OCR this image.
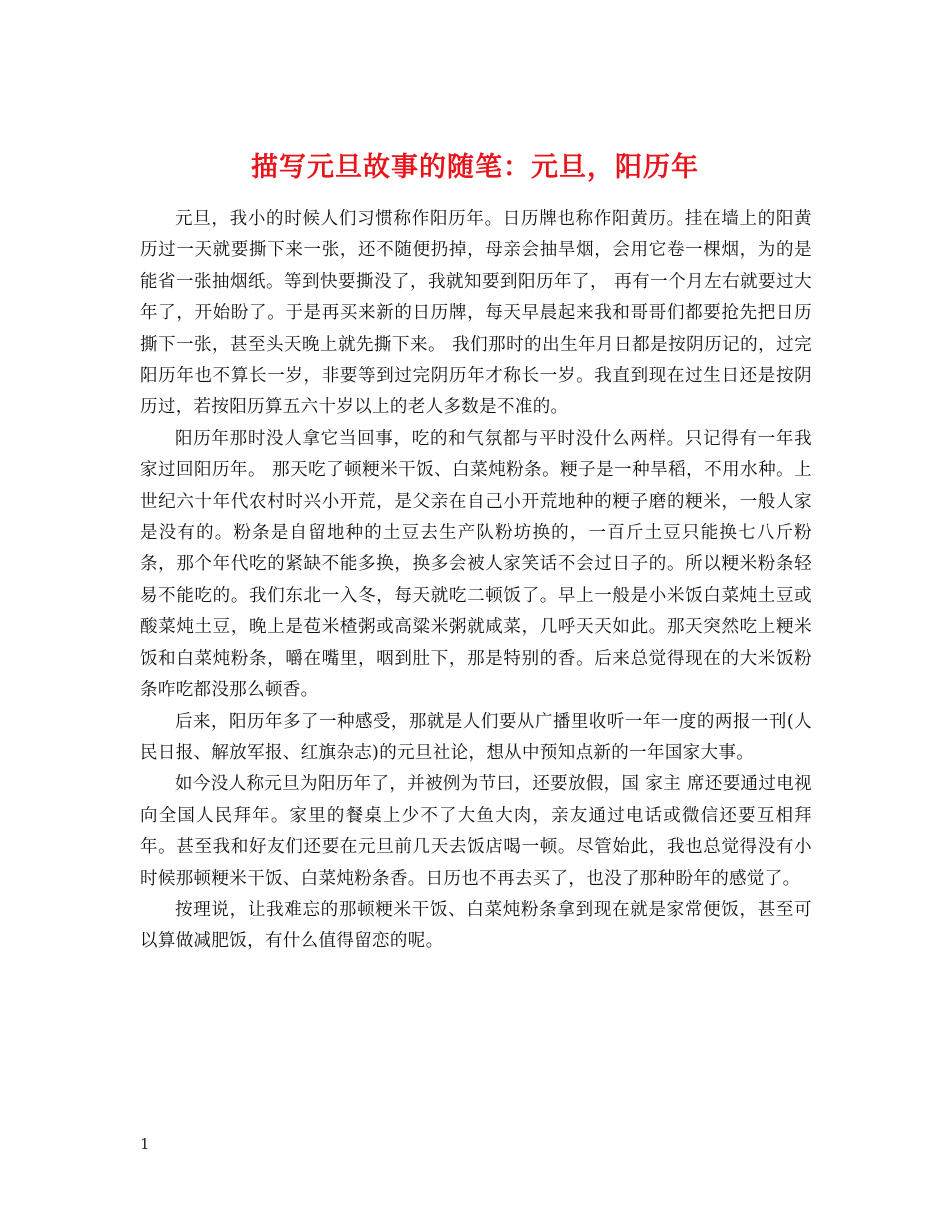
描写元旦故事的随笔：元旦，阳历年

元旦，我小的时候人们习惯称作阳历年。日历牌也称作阳黄历。挂在墙上的阳黄历过一天就要撕下来一张，还不随便扔掉，母亲会抽旱烟，会用它卷一棵烟，为的是能省一张抽烟纸。等到快要撕没了，我就知要到阳历年了， 再有一个月左右就要过大年了，开始盼了。于是再买来新的日历牌，每天早晨起来我和哥哥们都要抢先把日历撕下一张，甚至头天晚上就先撕下来。 我们那时的出生年月日都是按阴历记的，过完阳历年也不算长一岁，非要等到过完阴历年才称长一岁。我直到现在过生日还是按阴历过，若按阳历算五六十岁以上的老人多数是不准的。

阳历年那时没人拿它当回事，吃的和气氛都与平时没什么两样。只记得有一年我家过回阳历年。 那天吃了顿粳米干饭、白菜炖粉条。粳子是一种旱稻，不用水种。上世纪六十年代农村时兴小开荒，是父亲在自己小开荒地种的粳子磨的粳米，一般人家是没有的。粉条是自留地种的土豆去生产队粉坊换的，一百斤土豆只能换七八斤粉条，那个年代吃的紧缺不能多换，换多会被人家笑话不会过日子的。所以粳米粉条轻易不能吃的。我们东北一入冬，每天就吃二顿饭了。早上一般是小米饭白菜炖土豆或酸菜炖土豆，晚上是苞米楂粥或高粱米粥就咸菜，几呼天天如此。那天突然吃上粳米饭和白菜炖粉条，嚼在嘴里，咽到肚下，那是特别的香。后来总觉得现在的大米饭粉条咋吃都没那么顿香。

后来，阳历年多了一种感受，那就是人们要从广播里收听一年一度的两报一刊(人民日报、解放军报、红旗杂志)的元旦社论，想从中预知点新的一年国家大事。

如今没人称元旦为阳历年了，并被例为节曰，还要放假，国 家主 席还要通过电视向全国人民拜年。家里的餐桌上少不了大鱼大肉，亲友通过电话或微信还要互相拜年。甚至我和好友们还要在元旦前几天去饭店喝一顿。尽管始此，我也总觉得没有小时候那顿粳米干饭、白菜炖粉条香。日历也不再去买了，也没了那种盼年的感觉了。

按理说，让我难忘的那顿粳米干饭、白菜炖粉条拿到现在就是家常便饭，甚至可以算做减肥饭，有什么值得留恋的呢。

1
